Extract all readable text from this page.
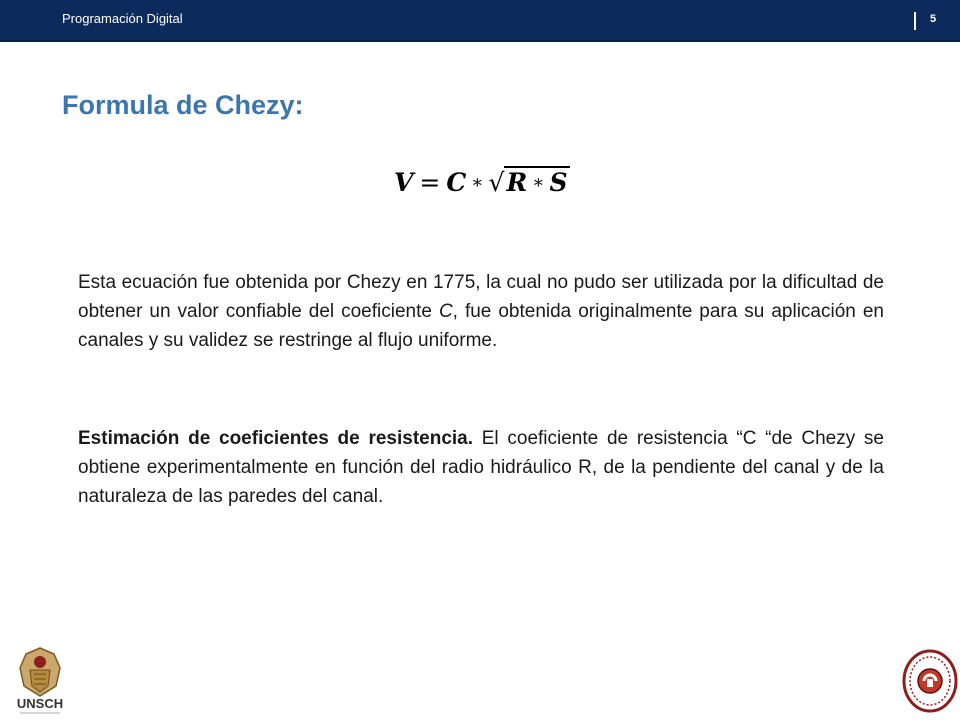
Programación Digital	5
Formula de Chezy:
V = C ∗ √R ∗ S
Esta ecuación fue obtenida por Chezy en 1775, la cual no pudo ser utilizada por la dificultad de obtener un valor confiable del coeficiente C, fue obtenida originalmente para su aplicación en canales y su validez se restringe al flujo uniforme.
Estimación de coeficientes de resistencia. El coeficiente de resistencia “C “de Chezy se obtiene experimentalmente en función del radio hidráulico R, de la pendiente del canal y de la naturaleza de las paredes del canal.
UNSCH
